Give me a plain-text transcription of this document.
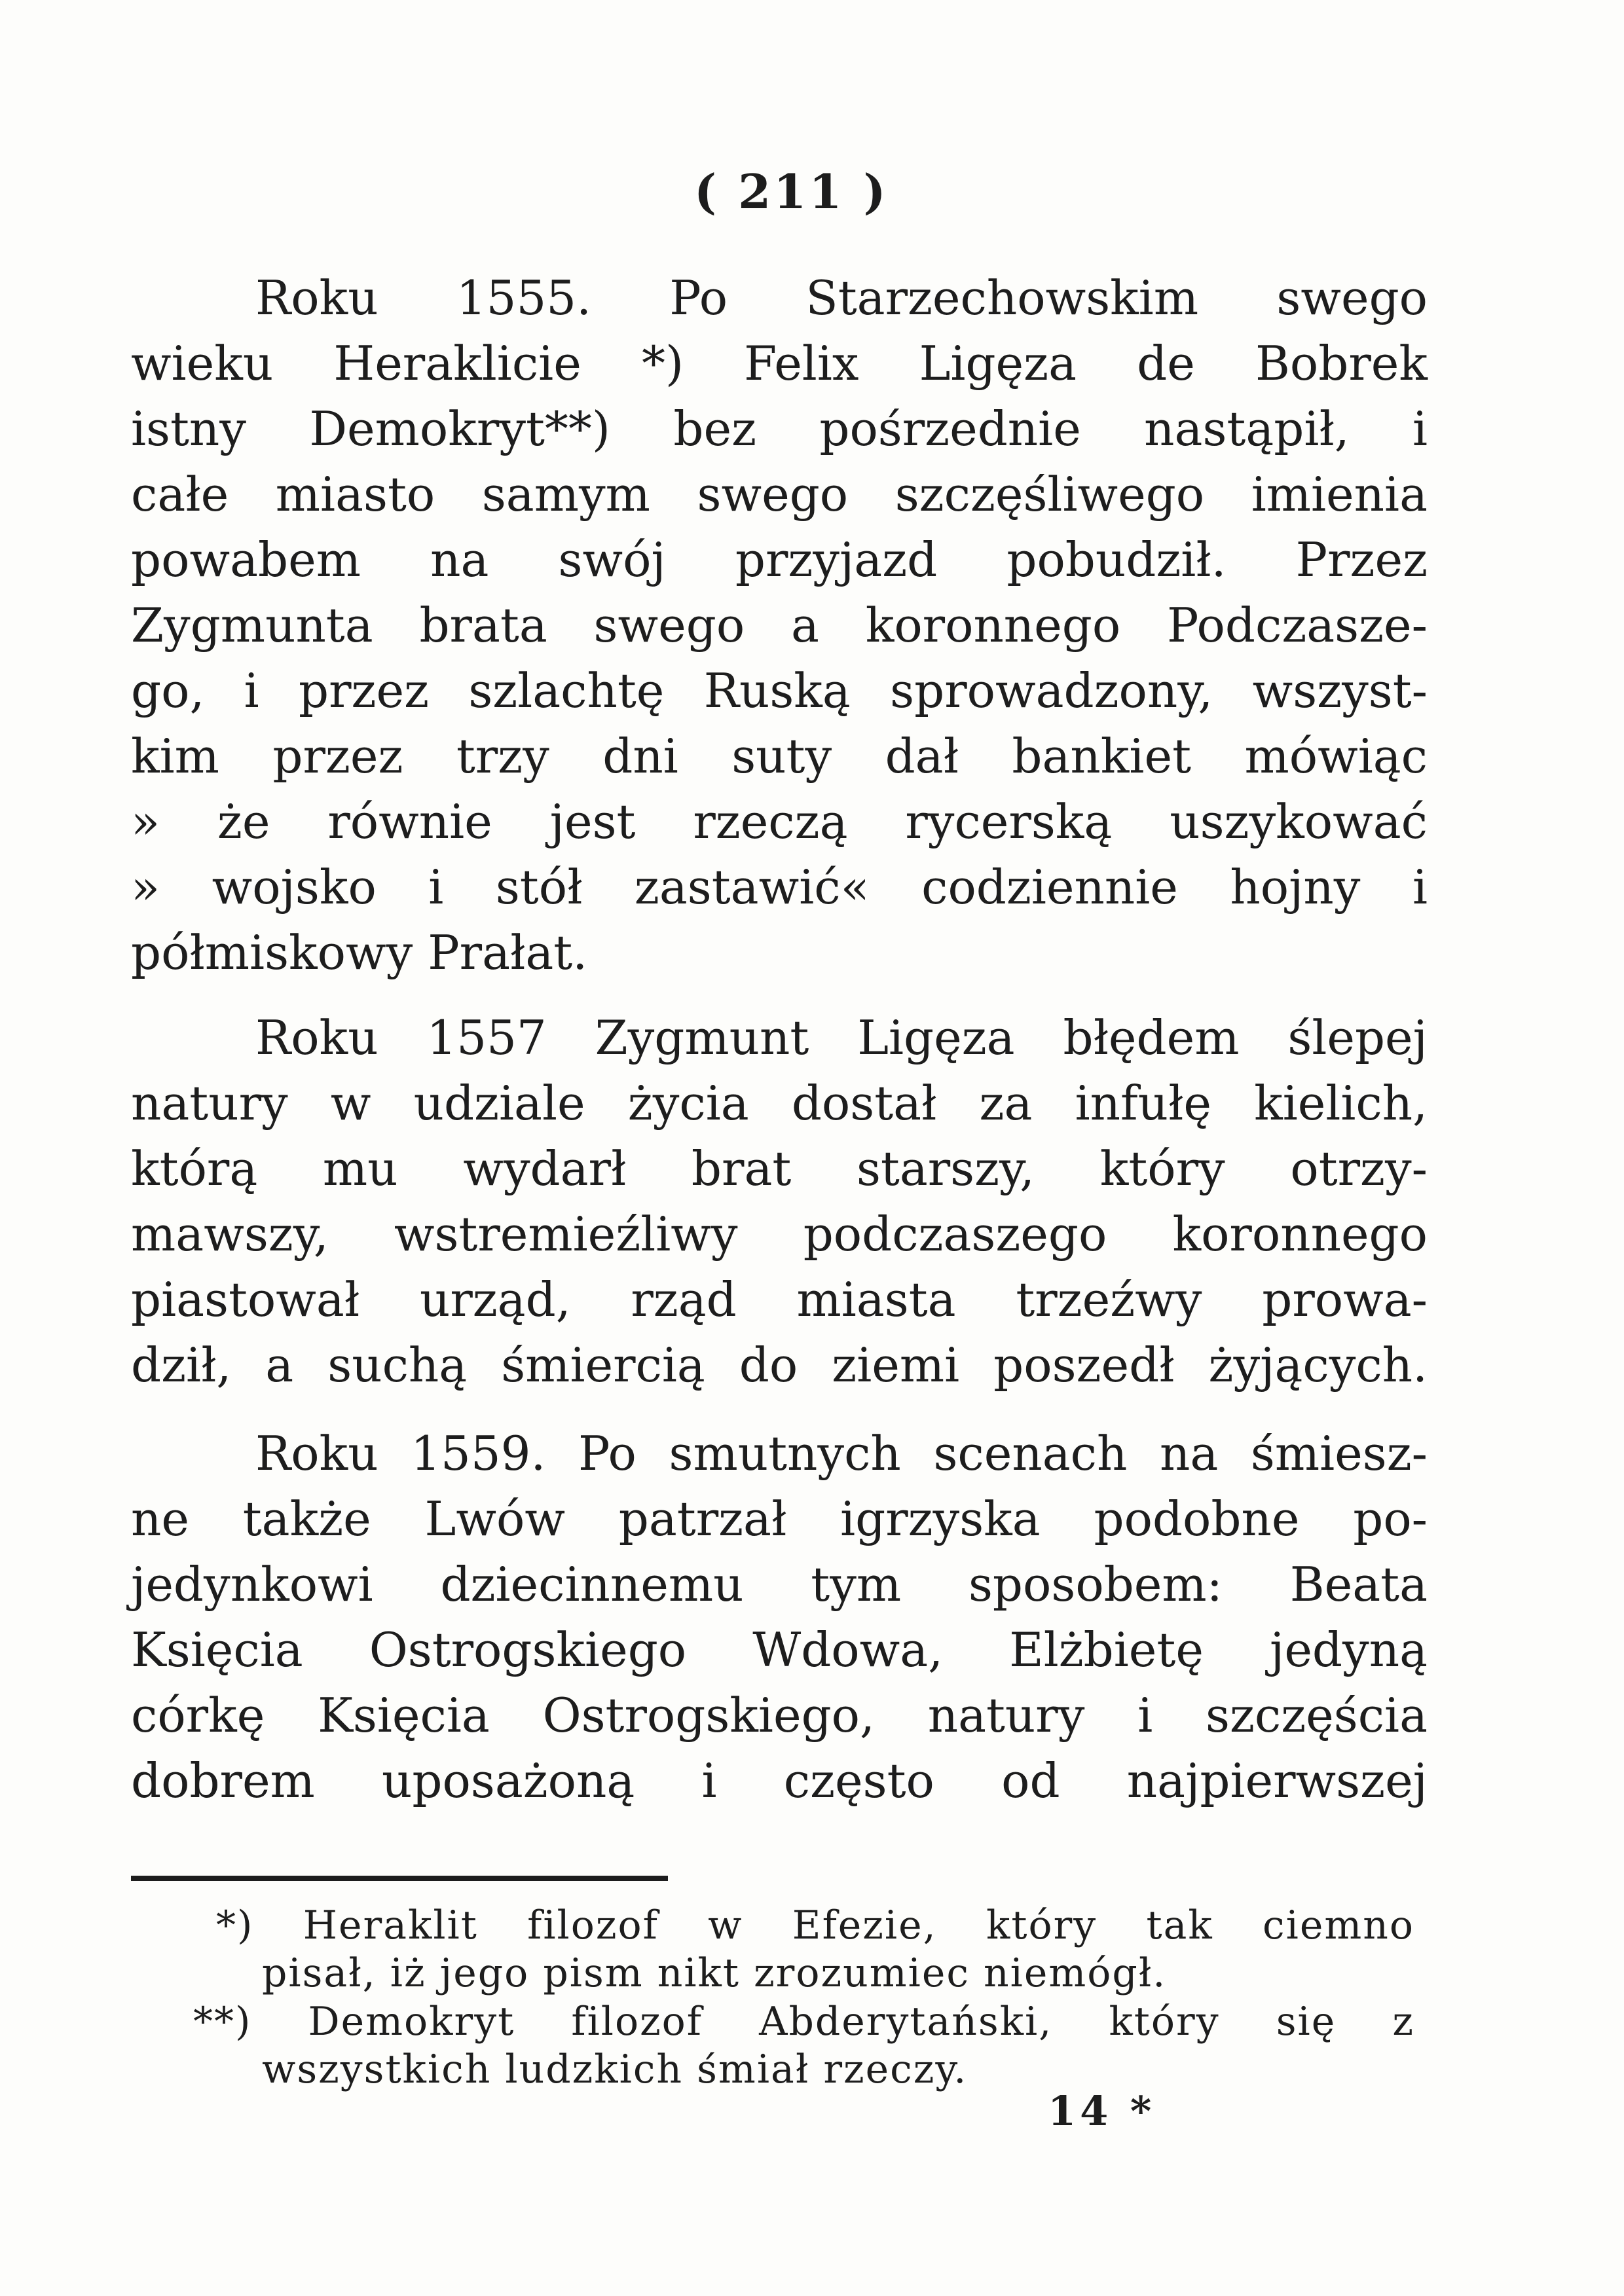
( 211 )
Roku 1555. Po Starzechowskim swego
wieku Heraklicie *) Felix Ligęza de Bobrek
istny Demokryt**) bez pośrzednie nastąpił, i
całe miasto samym swego szczęśliwego imienia
powabem na swój przyjazd pobudził. Przez
Zygmunta brata swego a koronnego Podczasze-
go, i przez szlachtę Ruską sprowadzony, wszyst-
kim przez trzy dni suty dał bankiet mówiąc
» że równie jest rzeczą rycerską uszykować
» wojsko i stół zastawić« codziennie hojny i
półmiskowy Prałat.
Roku 1557 Zygmunt Ligęza błędem ślepej
natury w udziale życia dostał za infułę kielich,
którą mu wydarł brat starszy, który otrzy-
mawszy, wstremieźliwy podczaszego koronnego
piastował urząd, rząd miasta trzeźwy prowa-
dził, a suchą śmiercią do ziemi poszedł żyjących.
Roku 1559. Po smutnych scenach na śmiesz-
ne także Lwów patrzał igrzyska podobne po-
jedynkowi dziecinnemu tym sposobem: Beata
Księcia Ostrogskiego Wdowa, Elżbietę jedyną
córkę Księcia Ostrogskiego, natury i szczęścia
dobrem uposażoną i często od najpierwszej
*) Heraklit filozof w Efezie, który tak ciemno
pisał, iż jego pism nikt zrozumiec niemógł.
**) Demokryt filozof Abderytański, który się z
wszystkich ludzkich śmiał rzeczy.
14 *
